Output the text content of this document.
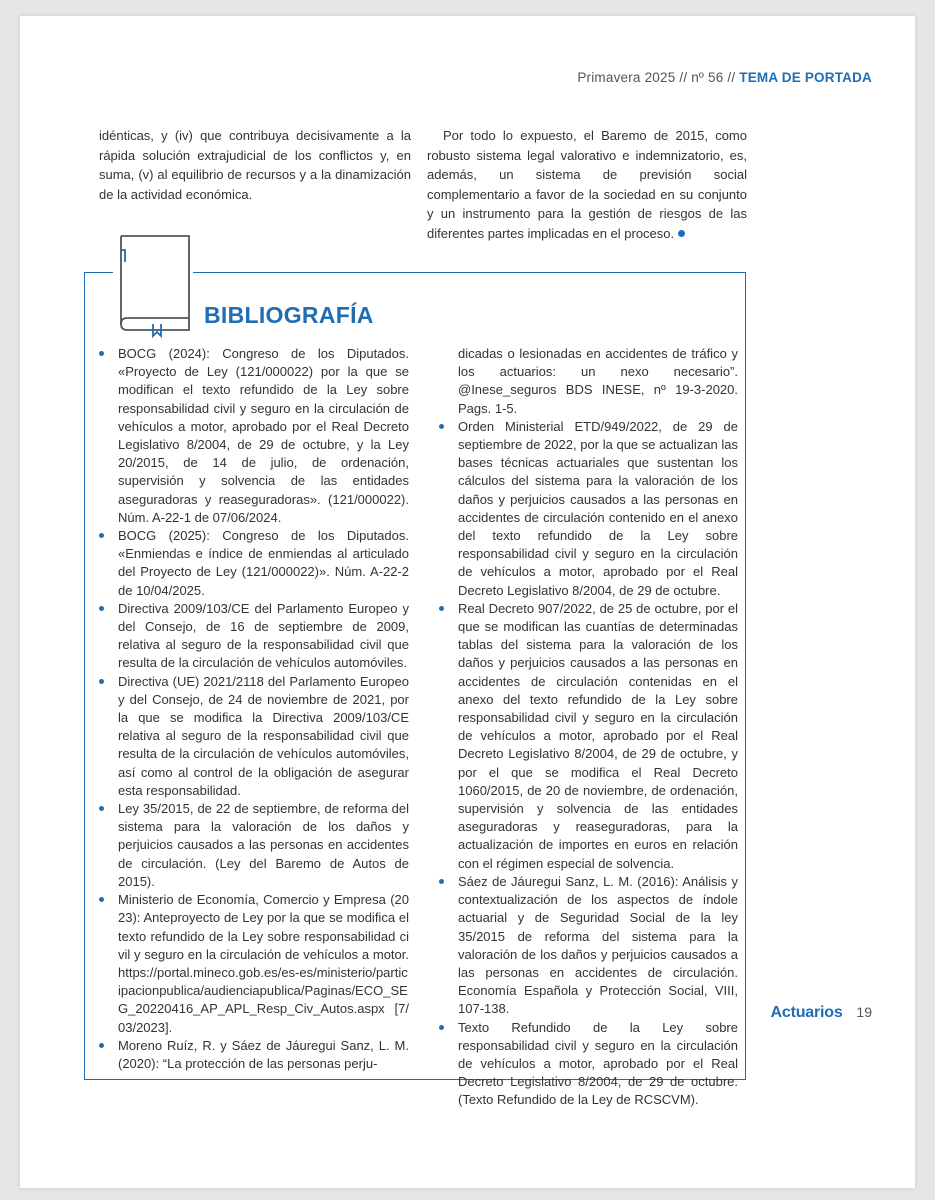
Primavera 2025 // nº 56 // TEMA DE PORTADA

idénticas, y (iv) que contribuya decisivamente a la rápida solución extrajudicial de los conflictos y, en suma, (v) al equilibrio de recursos y a la dinamización de la actividad económica.

Por todo lo expuesto, el Baremo de 2015, como robusto sistema legal valorativo e indemnizatorio, es, además, un sistema de previsión social complementario a favor de la sociedad en su conjunto y un instrumento para la gestión de riesgos de las diferentes partes implicadas en el proceso.

BIBLIOGRAFÍA
BOCG (2024): Congreso de los Diputados. «Proyecto de Ley (121/000022) por la que se modifican el texto refundido de la Ley sobre responsabilidad civil y seguro en la circulación de vehículos a motor, aprobado por el Real Decreto Legislativo 8/2004, de 29 de octubre, y la Ley 20/2015, de 14 de julio, de ordenación, supervisión y solvencia de las entidades aseguradoras y reaseguradoras». (121/000022). Núm. A-22-1 de 07/06/2024.
BOCG (2025): Congreso de los Diputados. «Enmiendas e índice de enmiendas al articulado del Proyecto de Ley (121/000022)». Núm. A-22-2 de 10/04/2025.
Directiva 2009/103/CE del Parlamento Europeo y del Consejo, de 16 de septiembre de 2009, relativa al seguro de la responsabilidad civil que resulta de la circulación de vehículos automóviles.
Directiva (UE) 2021/2118 del Parlamento Europeo y del Consejo, de 24 de noviembre de 2021, por la que se modifica la Directiva 2009/103/CE relativa al seguro de la responsabilidad civil que resulta de la circulación de vehículos automóviles, así como al control de la obligación de asegurar esta responsabilidad.
Ley 35/2015, de 22 de septiembre, de reforma del sistema para la valoración de los daños y perjuicios causados a las personas en accidentes de circulación. (Ley del Baremo de Autos de 2015).
Ministerio de Economía, Comercio y Empresa (2023): Anteproyecto de Ley por la que se modifica el texto refundido de la Ley sobre responsabilidad civil y seguro en la circulación de vehículos a motor. https://portal.mineco.gob.es/es-es/ministerio/participacionpublica/audienciapublica/Paginas/ECO_SEG_20220416_AP_APL_Resp_Civ_Autos.aspx [7/03/2023].
Moreno Ruíz, R. y Sáez de Jáuregui Sanz, L. M.(2020): “La protección de las personas perju-
dicadas o lesionadas en accidentes de tráfico y los actuarios: un nexo necesario”. @Inese_seguros BDS INESE, nº 19-3-2020. Pags. 1-5.
Orden Ministerial ETD/949/2022, de 29 de septiembre de 2022, por la que se actualizan las bases técnicas actuariales que sustentan los cálculos del sistema para la valoración de los daños y perjuicios causados a las personas en accidentes de circulación contenido en el anexo del texto refundido de la Ley sobre responsabilidad civil y seguro en la circulación de vehículos a motor, aprobado por el Real Decreto Legislativo 8/2004, de 29 de octubre.
Real Decreto 907/2022, de 25 de octubre, por el que se modifican las cuantías de determinadas tablas del sistema para la valoración de los daños y perjuicios causados a las personas en accidentes de circulación contenidas en el anexo del texto refundido de la Ley sobre responsabilidad civil y seguro en la circulación de vehículos a motor, aprobado por el Real Decreto Legislativo 8/2004, de 29 de octubre, y por el que se modifica el Real Decreto 1060/2015, de 20 de noviembre, de ordenación, supervisión y solvencia de las entidades aseguradoras y reaseguradoras, para la actualización de importes en euros en relación con el régimen especial de solvencia.
Sáez de Jáuregui Sanz, L. M. (2016): Análisis y contextualización de los aspectos de índole actuarial y de Seguridad Social de la ley 35/2015 de reforma del sistema para la valoración de los daños y perjuicios causados a las personas en accidentes de circulación. Economía Española y Protección Social, VIII, 107-138.
Texto Refundido de la Ley sobre responsabilidad civil y seguro en la circulación de vehículos a motor, aprobado por el Real Decreto Legislativo 8/2004, de 29 de octubre. (Texto Refundido de la Ley de RCSCVM).
Actuarios 19
